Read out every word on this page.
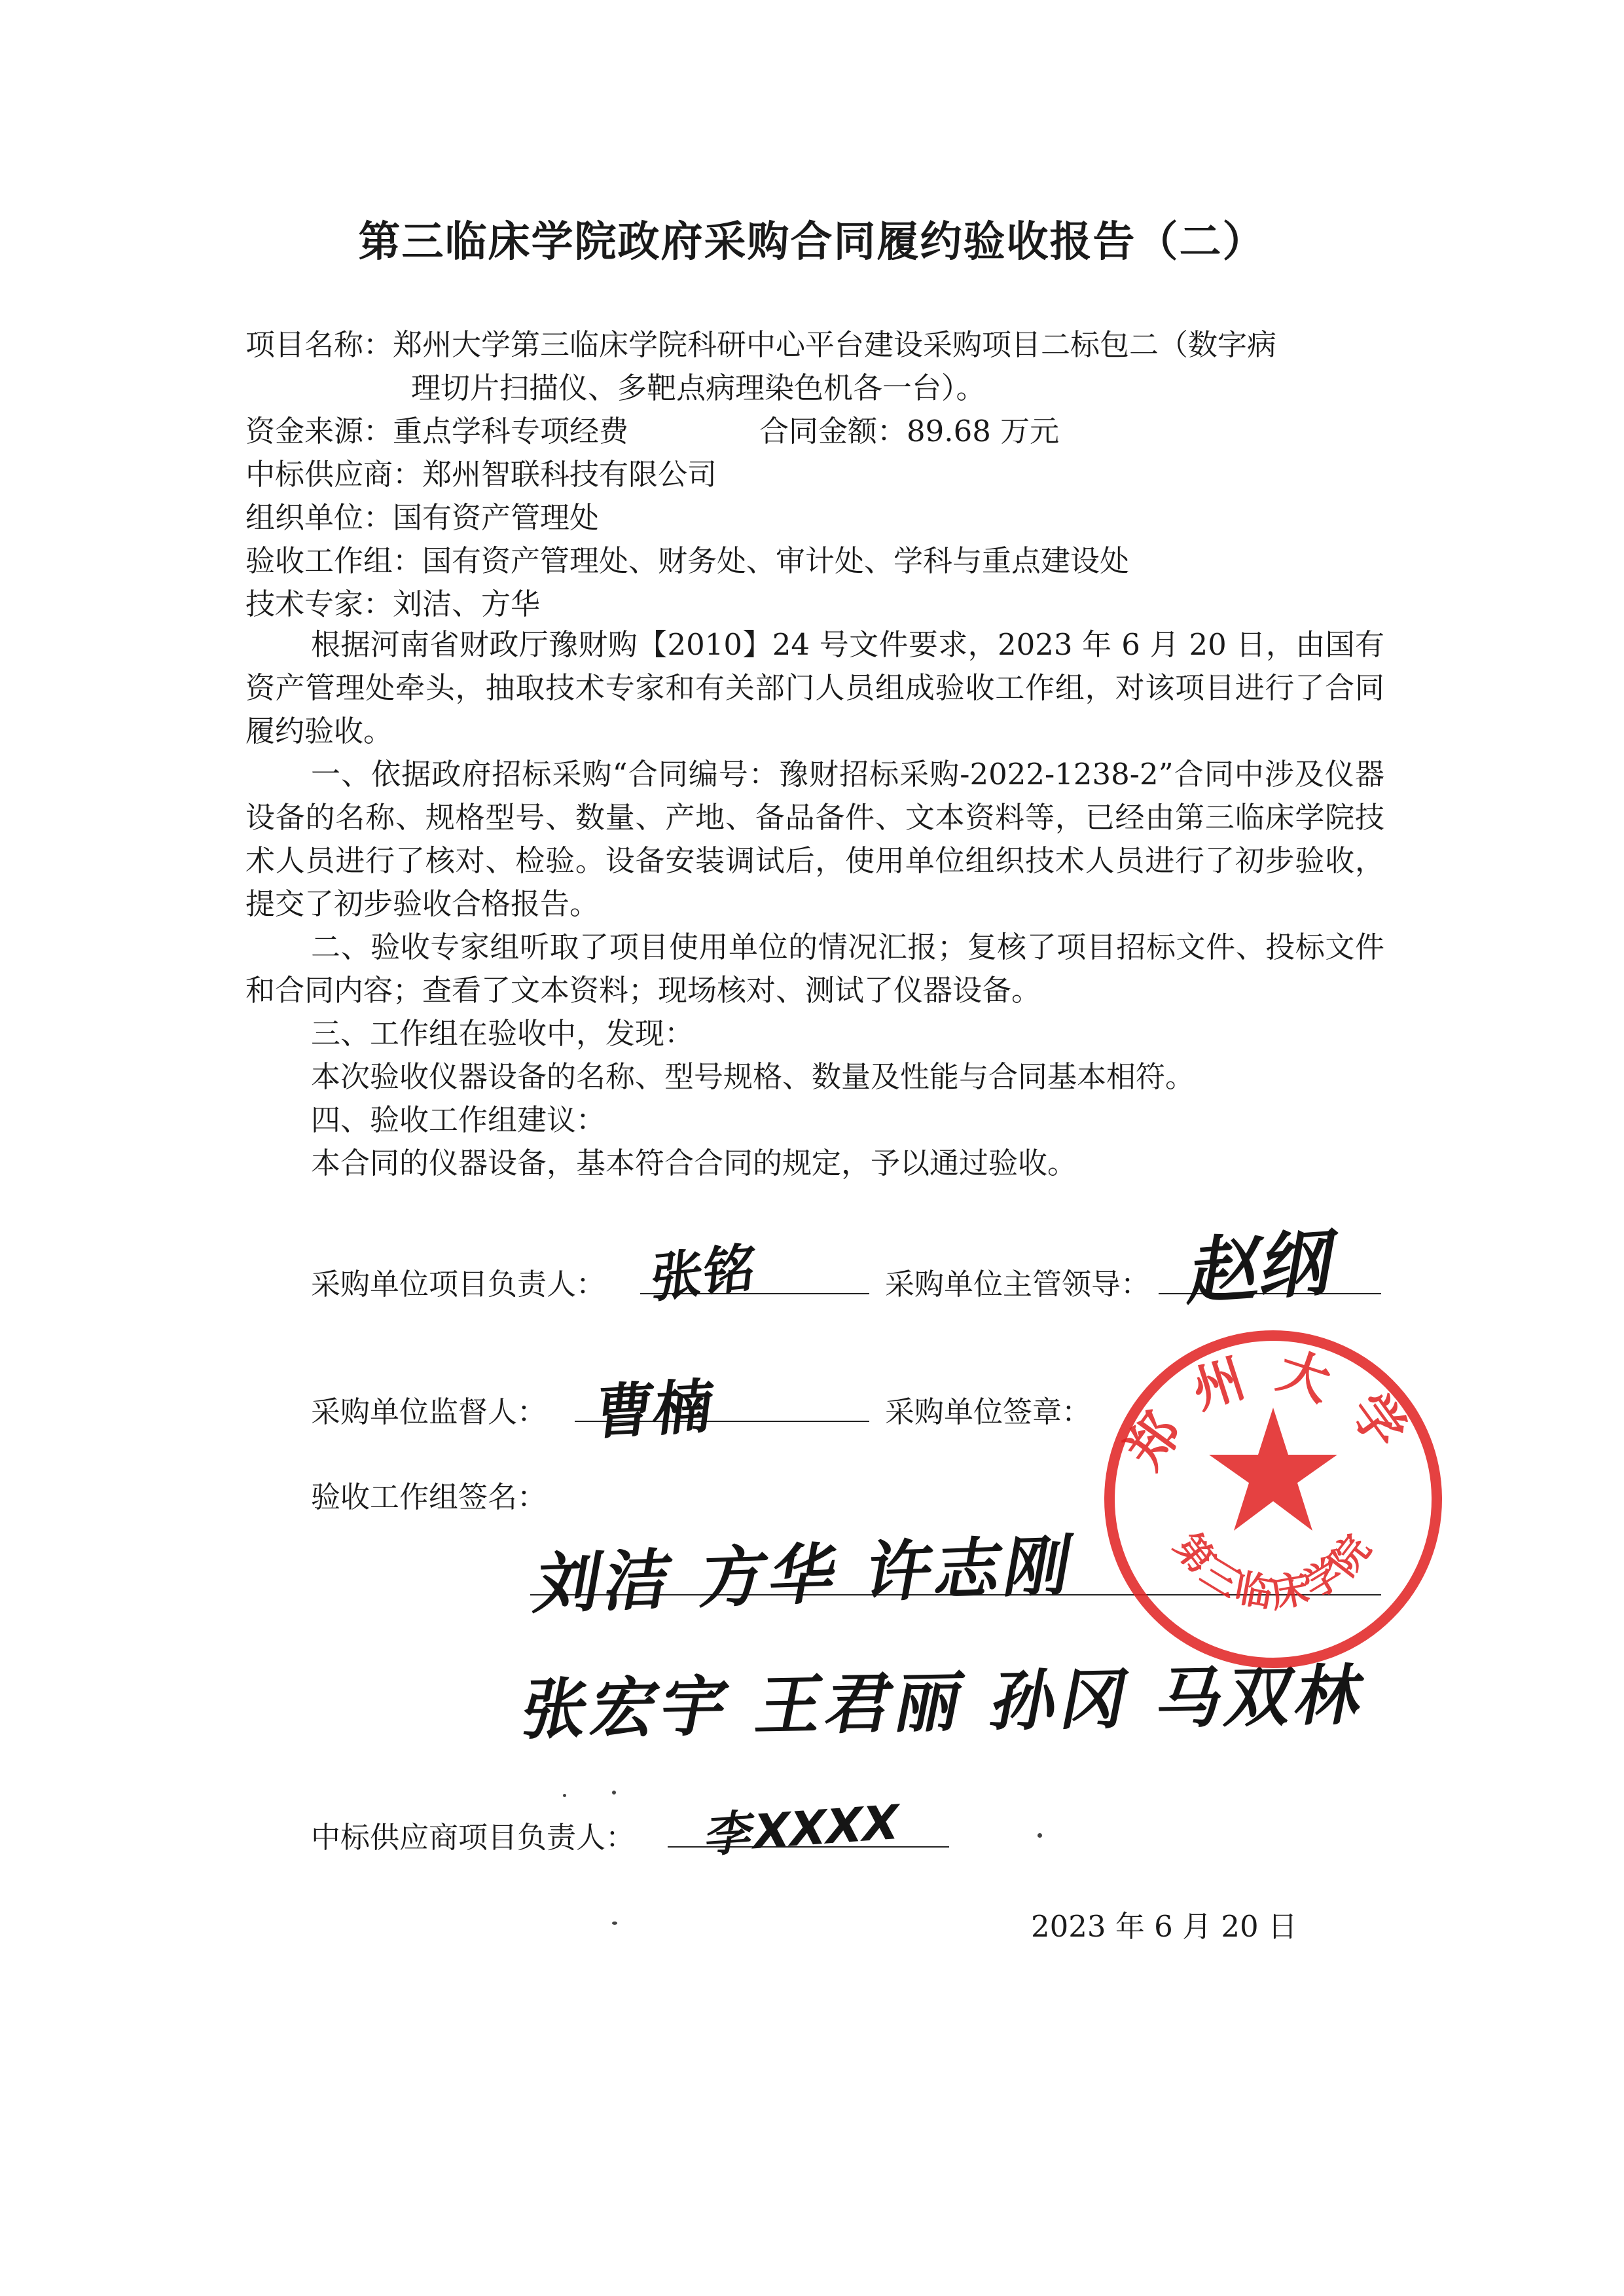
第三临床学院政府采购合同履约验收报告（二）
项目名称：郑州大学第三临床学院科研中心平台建设采购项目二标包二（数字病
理切片扫描仪、多靶点病理染色机各一台）。
资金来源：重点学科专项经费	合同金额：89.68 万元
中标供应商：郑州智联科技有限公司
组织单位：国有资产管理处
验收工作组：国有资产管理处、财务处、审计处、学科与重点建设处
技术专家：刘洁、方华
根据河南省财政厅豫财购【2010】24 号文件要求，2023 年 6 月 20 日，由国有资产管理处牵头，抽取技术专家和有关部门人员组成验收工作组，对该项目进行了合同履约验收。
一、依据政府招标采购“合同编号：豫财招标采购-2022-1238-2”合同中涉及仪器设备的名称、规格型号、数量、产地、备品备件、文本资料等，已经由第三临床学院技术人员进行了核对、检验。设备安装调试后，使用单位组织技术人员进行了初步验收，提交了初步验收合格报告。
二、验收专家组听取了项目使用单位的情况汇报；复核了项目招标文件、投标文件和合同内容；查看了文本资料；现场核对、测试了仪器设备。
三、工作组在验收中，发现：
本次验收仪器设备的名称、型号规格、数量及性能与合同基本相符。
四、验收工作组建议：
本合同的仪器设备，基本符合合同的规定，予以通过验收。
采购单位项目负责人： 张铭	采购单位主管领导： 赵纲
采购单位监督人： 曹楠	采购单位签章：
验收工作组签名：
刘洁 方华 许志刚
张宏宇 王君丽 孙冈 马双林
中标供应商项目负责人： 李XXXX
郑州大学
第三临床学院
2023 年 6 月 20 日
